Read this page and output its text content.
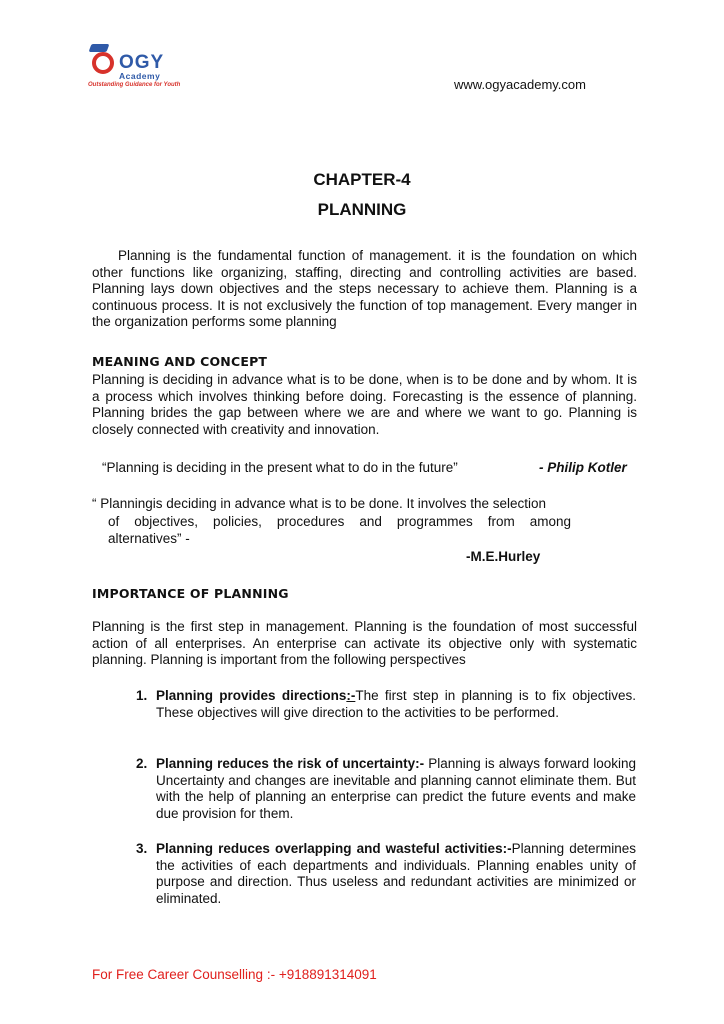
OGY
Academy
Outstanding Guidance for Youth	www.ogyacademy.com
CHAPTER-4
PLANNING

Planning is the fundamental function of management. it is the foundation on which other functions like organizing, staffing, directing and controlling activities are based. Planning lays down objectives and the steps necessary to achieve them. Planning is a continuous process. It is not exclusively the function of top management. Every manger in the organization performs some planning

MEANING AND CONCEPT

Planning is deciding in advance what is to be done, when is to be done and by whom. It is a process which involves thinking before doing. Forecasting is the essence of planning. Planning brides the gap between where we are and where we want to go. Planning is closely connected with creativity and innovation.

“Planning is deciding in the present what to do in the future”	- Philip Kotler
“ Planningis deciding in advance what is to be done. It involves the selection
of objectives, policies, procedures and programmes from among
alternatives” -
-M.E.Hurley
IMPORTANCE OF PLANNING

Planning is the first step in management. Planning is the foundation of most successful action of all enterprises. An enterprise can activate its objective only with systematic planning. Planning is important from the following perspectives

1. Planning provides directions:-The first step in planning is to fix objectives. These objectives will give direction to the activities to be performed.

2. Planning reduces the risk of uncertainty:- Planning is always forward looking Uncertainty and changes are inevitable and planning cannot eliminate them. But with the help of planning an enterprise can predict the future events and make due provision for them.

3. Planning reduces overlapping and wasteful activities:-Planning determines the activities of each departments and individuals. Planning enables unity of purpose and direction. Thus useless and redundant activities are minimized or eliminated.

For Free Career Counselling :- +918891314091
